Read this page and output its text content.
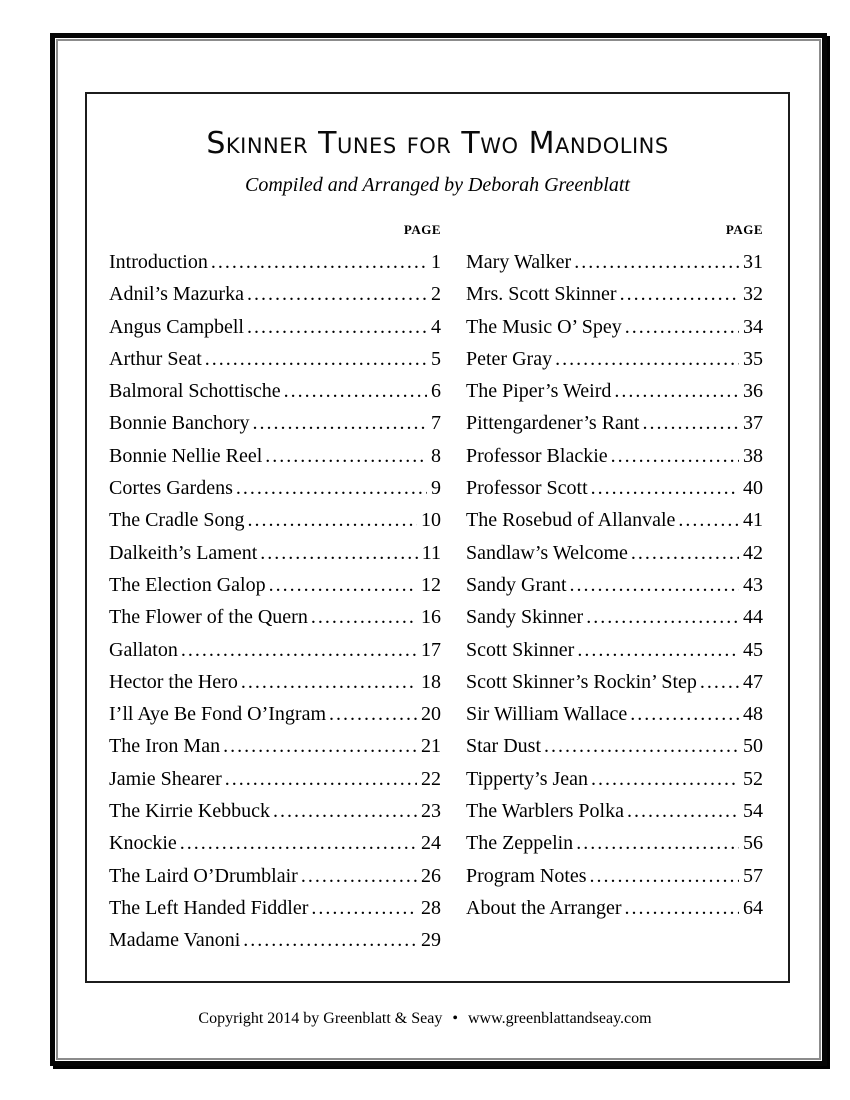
Skinner Tunes for Two Mandolins
Compiled and Arranged by Deborah Greenblatt
PAGE
Introduction .....	1
Adnil’s Mazurka .....	2
Angus Campbell .....	4
Arthur Seat .....	5
Balmoral Schottische .....	6
Bonnie Banchory .....	7
Bonnie Nellie Reel .....	8
Cortes Gardens .....	9
The Cradle Song .....	10
Dalkeith’s Lament .....	11
The Election Galop .....	12
The Flower of the Quern .....	16
Gallaton .....	17
Hector the Hero .....	18
I’ll Aye Be Fond O’Ingram .....	20
The Iron Man .....	21
Jamie Shearer .....	22
The Kirrie Kebbuck .....	23
Knockie .....	24
The Laird O’Drumblair .....	26
The Left Handed Fiddler .....	28
Madame Vanoni .....	29
PAGE
Mary Walker .....	31
Mrs. Scott Skinner .....	32
The Music O’ Spey .....	34
Peter Gray .....	35
The Piper’s Weird .....	36
Pittengardener’s Rant .....	37
Professor Blackie .....	38
Professor Scott .....	40
The Rosebud of Allanvale .....	41
Sandlaw’s Welcome .....	42
Sandy Grant .....	43
Sandy Skinner .....	44
Scott Skinner .....	45
Scott Skinner’s Rockin’ Step ..... 47
Sir William Wallace .....	48
Star Dust .....	50
Tipperty’s Jean .....	52
The Warblers Polka .....	54
The Zeppelin .....	56
Program Notes .....	57
About the Arranger .....	64
Copyright 2014 by Greenblatt & Seay • www.greenblattandseay.com
